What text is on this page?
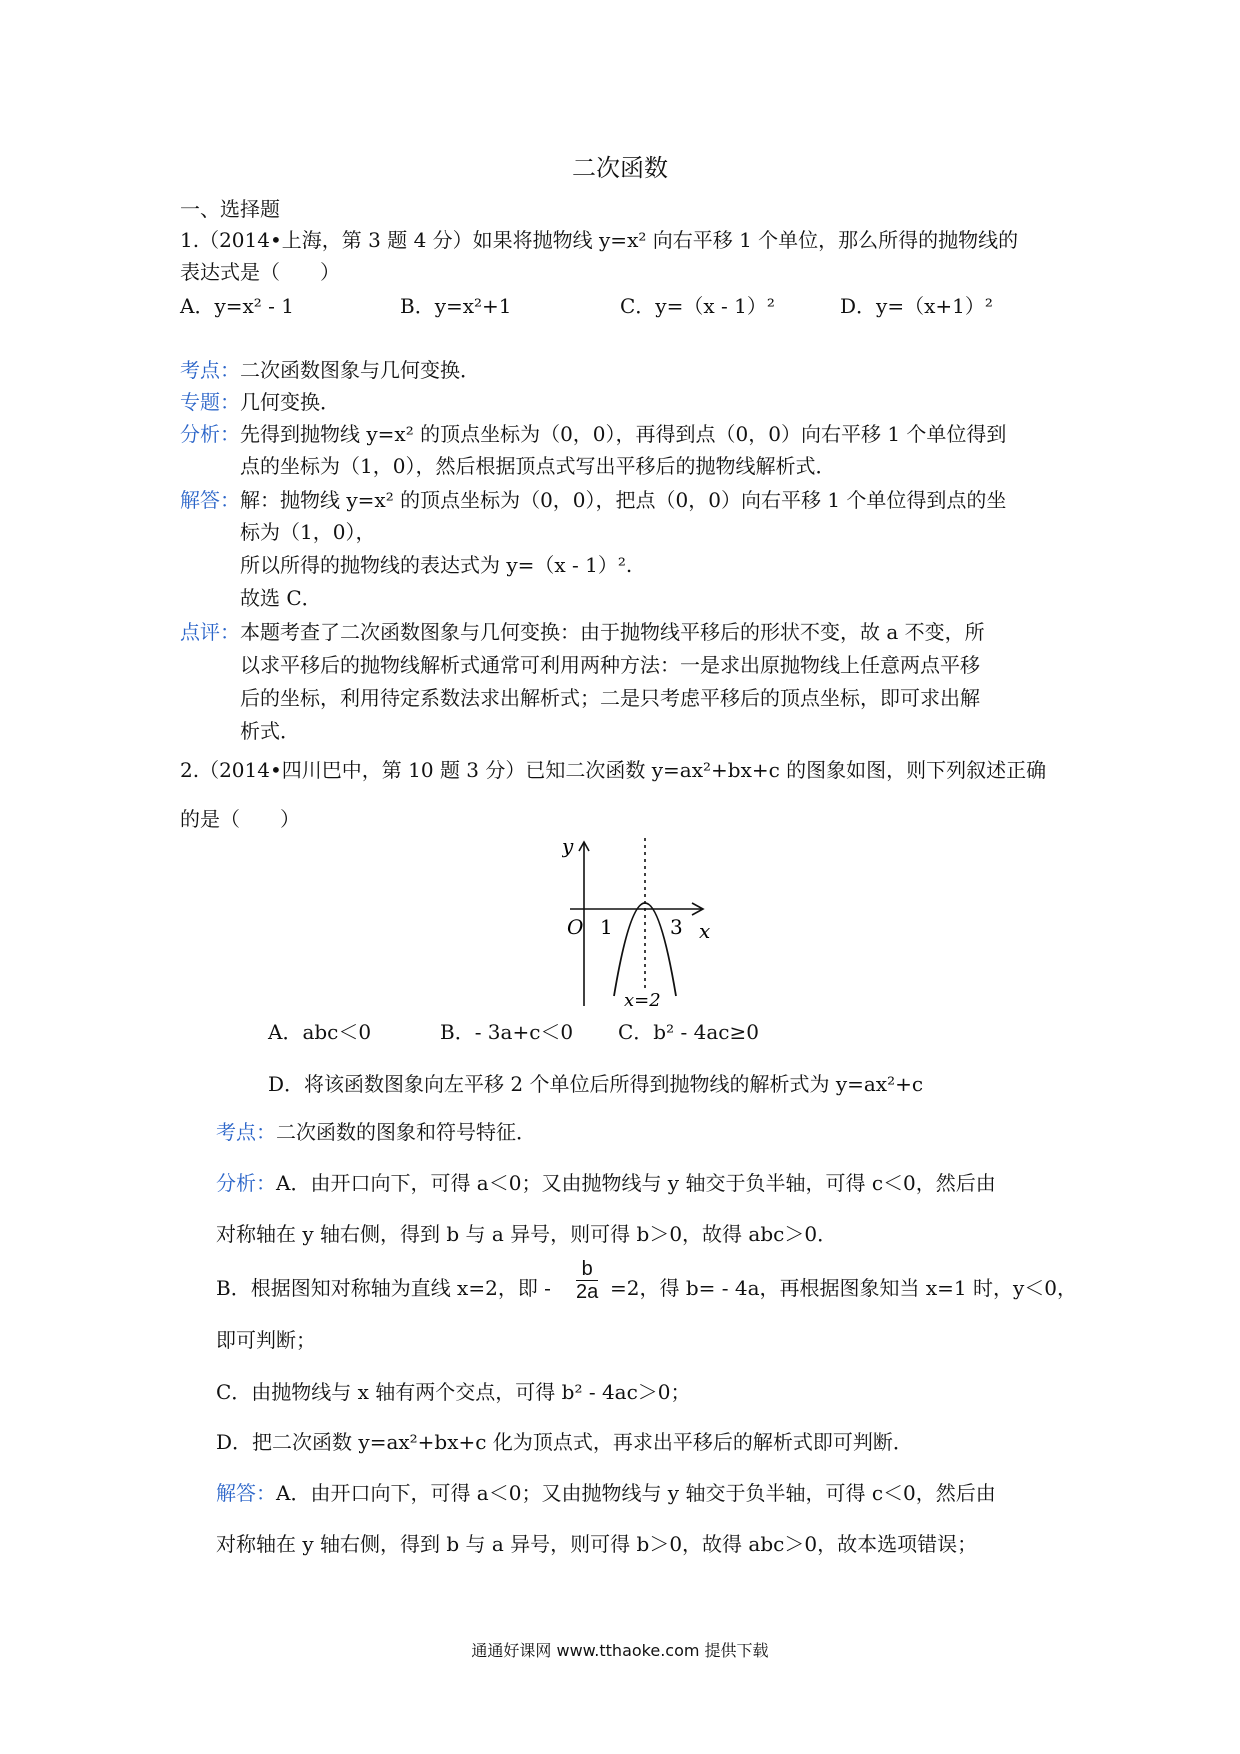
二次函数
一、选择题
1.（2014•上海，第 3 题 4 分）如果将抛物线 y=x² 向右平移 1 个单位，那么所得的抛物线的
表达式是（　　）
A．y=x² - 1	B．y=x²+1	C．y=（x - 1）²	D．y=（x+1）²
考点：二次函数图象与几何变换．
专题：几何变换．
分析：先得到抛物线 y=x² 的顶点坐标为（0，0），再得到点（0，0）向右平移 1 个单位得到
点的坐标为（1，0），然后根据顶点式写出平移后的抛物线解析式．
解答：解：抛物线 y=x² 的顶点坐标为（0，0），把点（0，0）向右平移 1 个单位得到点的坐
标为（1，0），
所以所得的抛物线的表达式为 y=（x - 1）².
故选 C．
点评：本题考查了二次函数图象与几何变换：由于抛物线平移后的形状不变，故 a 不变，所
以求平移后的抛物线解析式通常可利用两种方法：一是求出原抛物线上任意两点平移
后的坐标，利用待定系数法求出解析式；二是只考虑平移后的顶点坐标，即可求出解
析式．
2.（2014•四川巴中，第 10 题 3 分）已知二次函数 y=ax²+bx+c 的图象如图，则下列叙述正确
的是（　　）
y
x
O 1	3
x=2
A．abc＜0	B．- 3a+c＜0 C．b² - 4ac≥0
D．将该函数图象向左平移 2 个单位后所得到抛物线的解析式为 y=ax²+c
考点：二次函数的图象和符号特征．
分析：A．由开口向下，可得 a＜0；又由抛物线与 y 轴交于负半轴，可得 c＜0，然后由
对称轴在 y 轴右侧，得到 b 与 a 异号，则可得 b＞0，故得 abc＞0．
B．根据图知对称轴为直线 x=2，即 - $\frac{b}{2a} =2$，得 b= - 4a，再根据图象知当 x=1 时，y＜0，
即可判断；
C．由抛物线与 x 轴有两个交点，可得 b² - 4ac＞0；
D．把二次函数 y=ax²+bx+c 化为顶点式，再求出平移后的解析式即可判断．
解答：A．由开口向下，可得 a＜0；又由抛物线与 y 轴交于负半轴，可得 c＜0，然后由
对称轴在 y 轴右侧，得到 b 与 a 异号，则可得 b＞0，故得 abc＞0，故本选项错误；
通通好课网 www.tthaoke.com 提供下载
